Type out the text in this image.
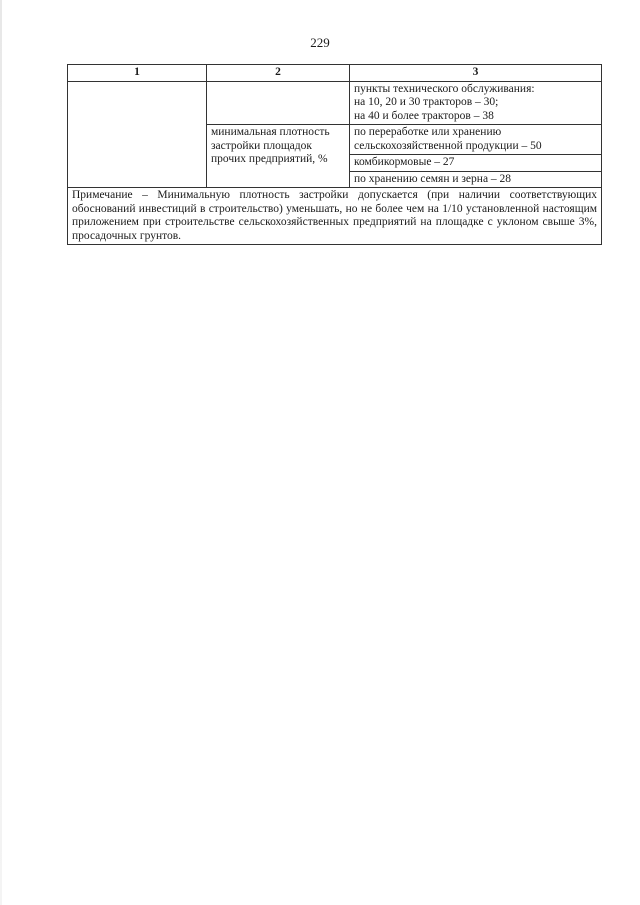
229
1	2	3

		пункты технического обслуживания:
на 10, 20 и 30 тракторов – 30;
на 40 и более тракторов – 38

	минимальная плотность
застройки площадок
прочих предприятий, %	по переработке или хранению
сельскохозяйственной продукции – 50

		комбикормовые – 27
		по хранению семян и зерна – 28
Примечание – Минимальную плотность застройки допускается (при наличии соответствующих обоснований инвестиций в строительство) уменьшать, но не более чем на 1/10 установленной настоящим приложением при строительстве сельскохозяйственных предприятий на площадке с уклоном свыше 3%, просадочных грунтов.		
